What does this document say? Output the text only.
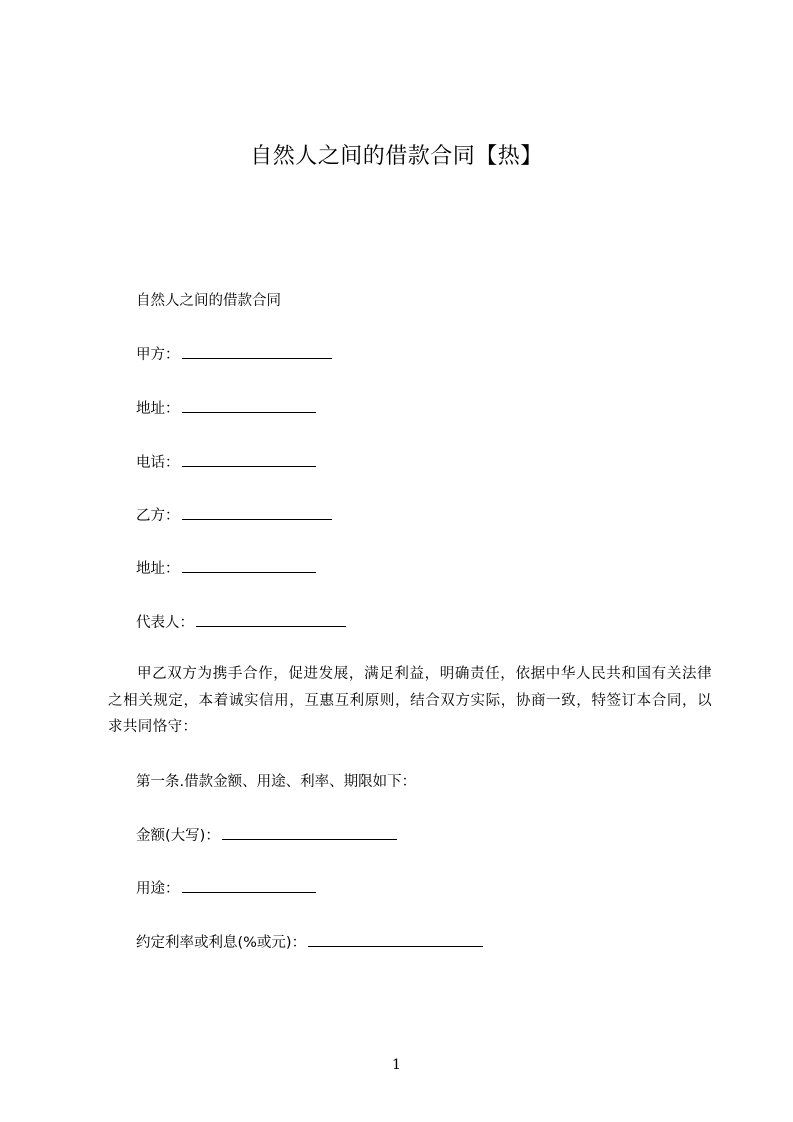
自然人之间的借款合同【热】
自然人之间的借款合同
甲方：
地址：
电话：
乙方：
地址：
代表人：
甲乙双方为携手合作，促进发展，满足利益，明确责任，依据中华人民共和国有关法律之相关规定，本着诚实信用，互惠互利原则，结合双方实际，协商一致，特签订本合同，以求共同恪守：
第一条.借款金额、用途、利率、期限如下：
金额(大写)：
用途：
约定利率或利息(%或元)：
1
